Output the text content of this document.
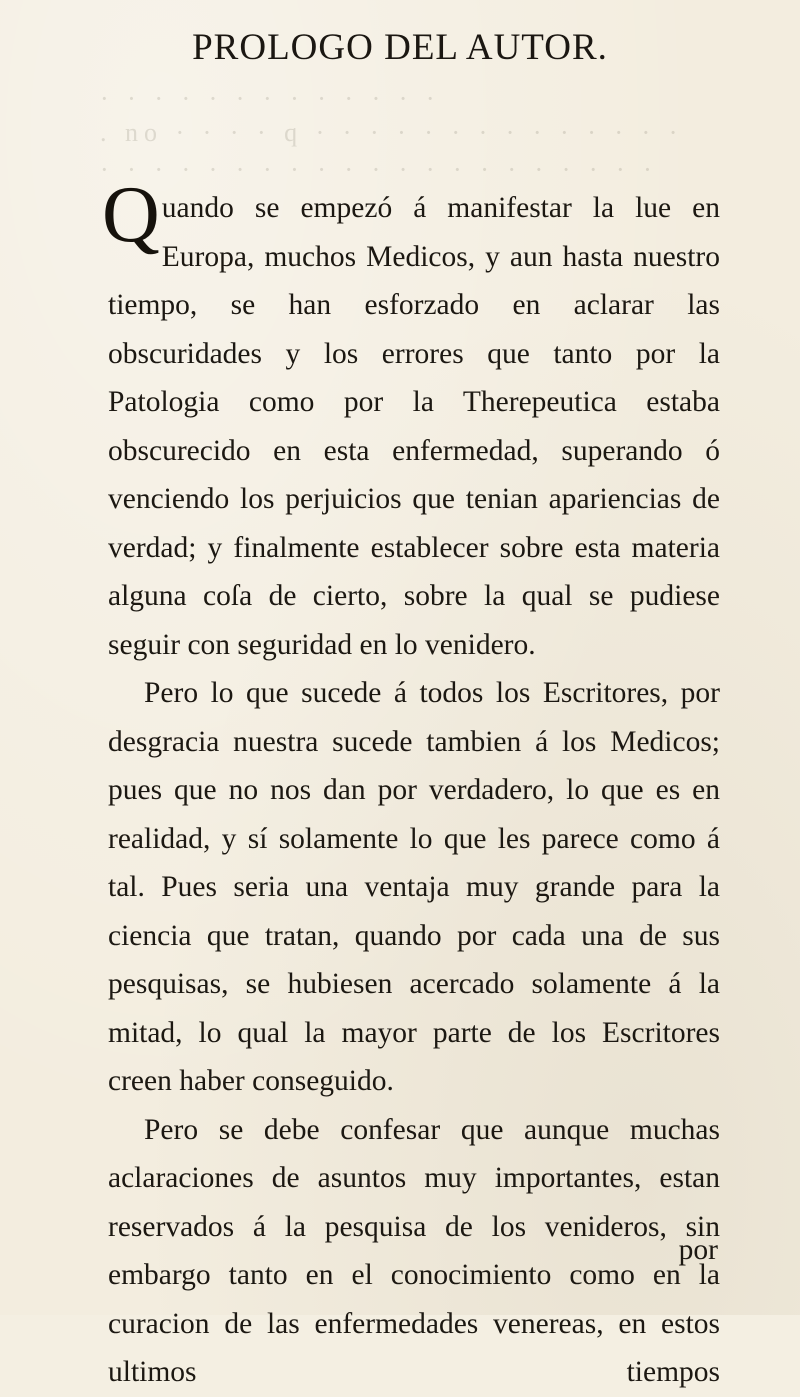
PROLOGO DEL AUTOR.
· · · · · · · · · · · · ·
. no · · · · q · · · · · · · · · · · · · ·
· · · · · · · · · · · · · · · · · · · · ·

Quando se empezó á manifestar la lue en Europa, muchos Medicos, y aun hasta nuestro tiempo, se han esforzado en aclarar las obscuridades y los errores que tanto por la Patologia como por la Therepeutica estaba obscurecido en esta enfermedad, superando ó venciendo los perjuicios que tenian apariencias de verdad; y finalmente establecer sobre esta materia alguna coſa de cierto, sobre la qual se pudiese seguir con seguridad en lo venidero.

Pero lo que sucede á todos los Escritores, por desgracia nuestra sucede tambien á los Medicos; pues que no nos dan por verdadero, lo que es en realidad, y sí solamente lo que les parece como á tal. Pues seria una ventaja muy grande para la ciencia que tratan, quando por cada una de sus pesquisas, se hubiesen acercado solamente á la mitad, lo qual la mayor parte de los Escritores creen haber conseguido.

Pero se debe confesar que aunque muchas aclaraciones de asuntos muy importantes, estan reservados á la pesquisa de los venideros, sin embargo tanto en el conocimiento como en la curacion de las enfermedades venereas, en estos ultimos tiempos

por
